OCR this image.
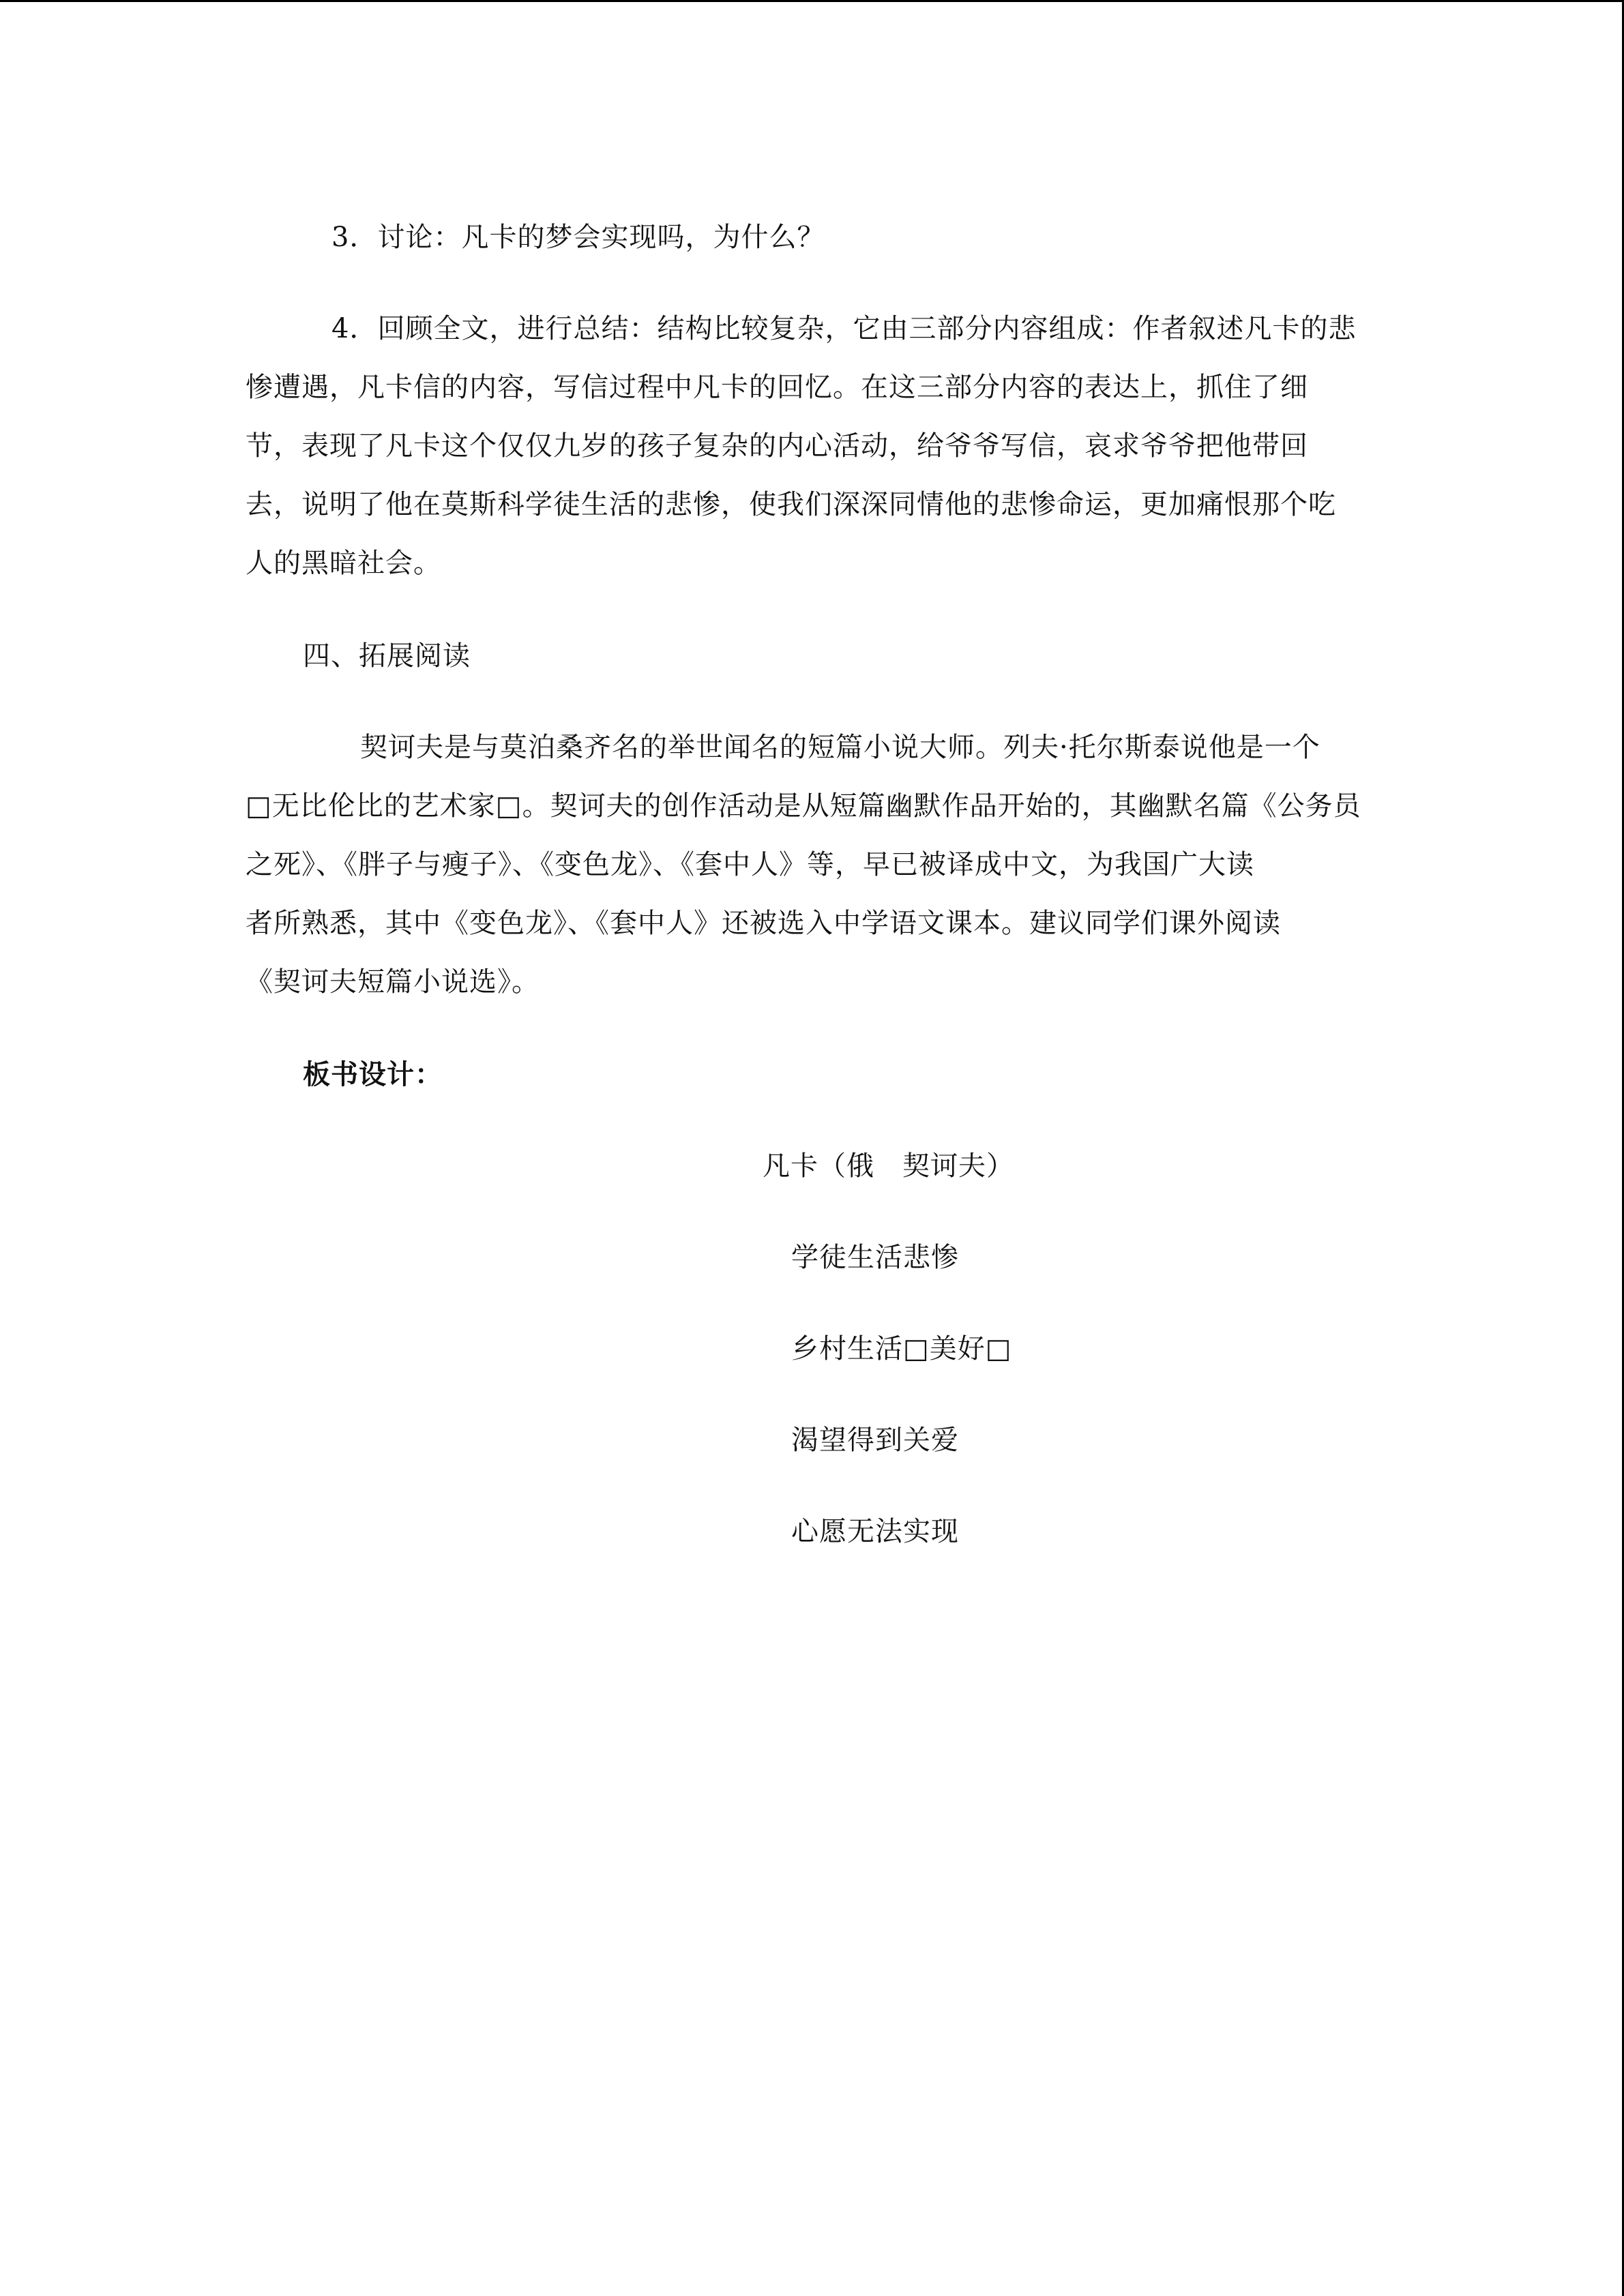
3．讨论：凡卡的梦会实现吗，为什么？
4．回顾全文，进行总结：结构比较复杂，它由三部分内容组成：作者叙述凡卡的悲
惨遭遇，凡卡信的内容，写信过程中凡卡的回忆。在这三部分内容的表达上，抓住了细
节，表现了凡卡这个仅仅九岁的孩子复杂的内心活动，给爷爷写信，哀求爷爷把他带回
去，说明了他在莫斯科学徒生活的悲惨，使我们深深同情他的悲惨命运，更加痛恨那个吃
人的黑暗社会。
四、拓展阅读
契诃夫是与莫泊桑齐名的举世闻名的短篇小说大师。列夫·托尔斯泰说他是一个
□无比伦比的艺术家□。契诃夫的创作活动是从短篇幽默作品开始的，其幽默名篇《公务员
之死》、《胖子与瘦子》、《变色龙》、《套中人》等，早已被译成中文，为我国广大读
者所熟悉，其中《变色龙》、《套中人》还被选入中学语文课本。建议同学们课外阅读
《契诃夫短篇小说选》。
板书设计：
凡卡（俄　契诃夫）
学徒生活悲惨
乡村生活□美好□
渴望得到关爱
心愿无法实现
